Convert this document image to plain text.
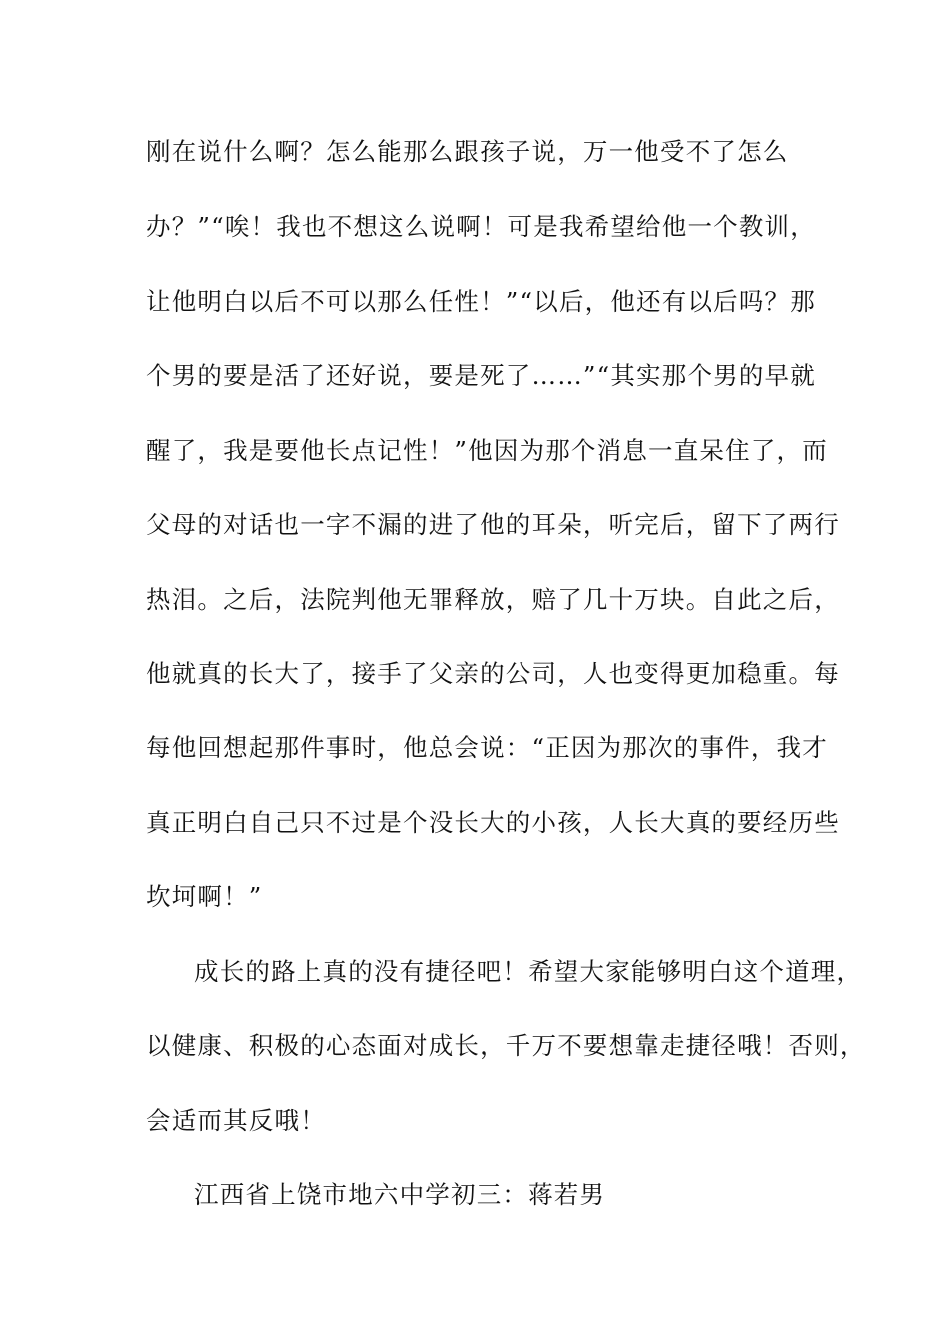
刚在说什么啊？怎么能那么跟孩子说，万一他受不了怎么
办？”“唉！我也不想这么说啊！可是我希望给他一个教训，
让他明白以后不可以那么任性！”“以后，他还有以后吗？那
个男的要是活了还好说，要是死了……”“其实那个男的早就
醒了，我是要他长点记性！”他因为那个消息一直呆住了，而
父母的对话也一字不漏的进了他的耳朵，听完后，留下了两行
热泪。之后，法院判他无罪释放，赔了几十万块。自此之后，
他就真的长大了，接手了父亲的公司，人也变得更加稳重。每
每他回想起那件事时，他总会说：“正因为那次的事件，我才
真正明白自己只不过是个没长大的小孩，人长大真的要经历些
坎坷啊！”
成长的路上真的没有捷径吧！希望大家能够明白这个道理，
以健康、积极的心态面对成长，千万不要想靠走捷径哦！否则，
会适而其反哦！
江西省上饶市地六中学初三：蒋若男
